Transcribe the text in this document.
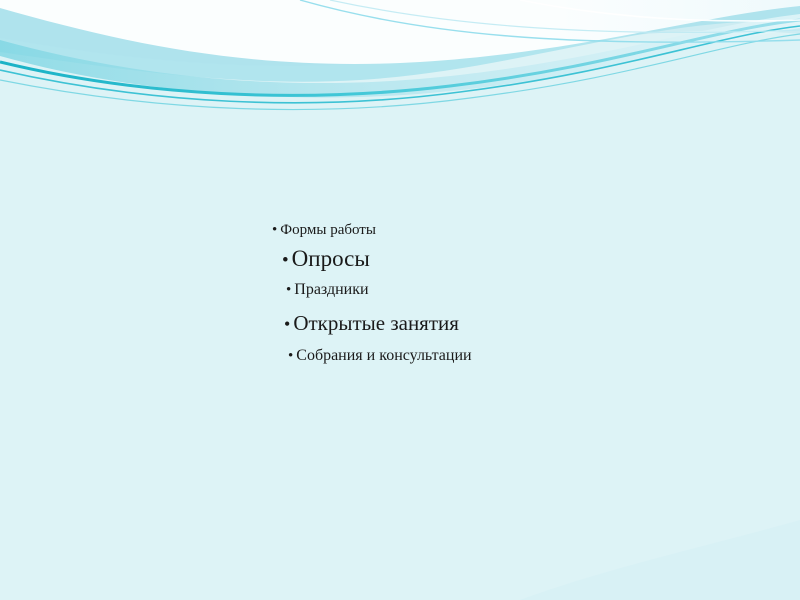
• Формы работы
• Опросы
• Праздники
• Открытые занятия
• Собрания и консультации
